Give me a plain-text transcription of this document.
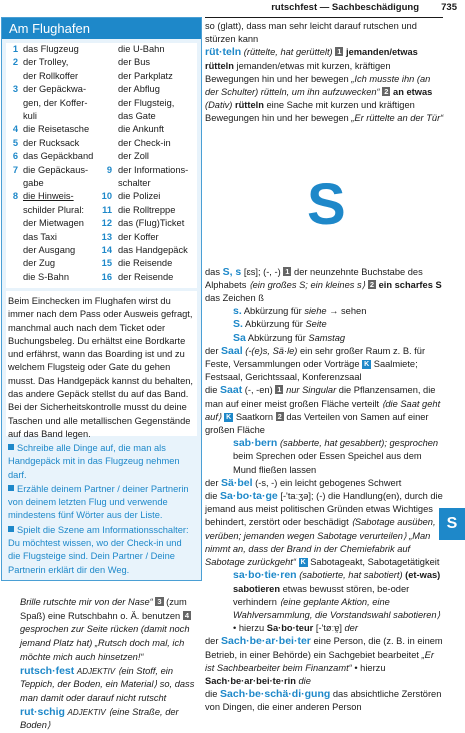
rutschfest — Sachbeschädigung 735
Am Flughafen
1 das Flugzeug
2 der Trolley,
der Rollkoffer
3 der Gepäckwa-
gen, der Koffer-
kuli
4 die Reisetasche
5 der Rucksack
6 das Gepäckband
7 die Gepäckaus-
gabe
8 die Hinweis-
schilder Plural:
der Mietwagen
das Taxi
der Ausgang
der Zug
die S-Bahn
die U-Bahn
der Bus
der Parkplatz
der Abflug
der Flugsteig,
das Gate
die Ankunft
der Check-in
der Zoll
9 der Informations-
schalter
10 die Polizei
11 die Rolltreppe
12 das (Flug)Ticket
13 der Koffer
14 das Handgepäck
15 die Reisende
16 der Reisende
Beim Einchecken im Flughafen wirst du immer nach dem Pass oder Ausweis gefragt, manchmal auch nach dem Ticket oder Buchungsbeleg. Du erhältst eine Bordkarte und erfährst, wann das Boarding ist und zu welchem Flugsteig oder Gate du gehen musst. Das Handgepäck kannst du behalten, das andere Gepäck stellst du auf das Band. Bei der Sicherheitskontrolle musst du deine Taschen und alle metallischen Gegenstände auf das Band legen.
Schreibe alle Dinge auf, die man als Handgepäck mit in das Flugzeug nehmen darf.
Erzähle deinem Partner / deiner Partnerin von deinem letzten Flug und verwende mindestens fünf Wörter aus der Liste.
Spielt die Szene am Informationsschalter: Du möchtest wissen, wo der Check-in und die Flugsteige sind. Dein Partner / Deine Partnerin erklärt dir den Weg.
Brille rutschte mir von der Nase“ 3 (zum Spaß) eine Rutschbahn o. Ä. benutzen 4 gesprochen zur Seite rücken (damit noch jemand Platz hat) „Rutsch doch mal, ich möchte mich auch hinsetzen!“
rutsch·fest ADJEKTIV ⟨ein Stoff, ein Teppich, der Boden, ein Material⟩ so, dass man damit oder darauf nicht rutscht
rut·schig ADJEKTIV ⟨eine Straße, der Boden⟩
so (glatt), dass man sehr leicht darauf rutschen und stürzen kann
rüt·teln (rüttelte, hat gerüttelt) 1 jemanden/etwas rütteln jemanden/etwas mit kurzen, kräftigen Bewegungen hin und her bewegen „Ich musste ihn (an der Schulter) rütteln, um ihn aufzuwecken“ 2 an etwas (Dativ) rütteln eine Sache mit kurzen und kräftigen Bewegungen hin und her bewegen „Er rüttelte an der Tür“
das S, s [ɛs]; (-, -) 1 der neunzehnte Buchstabe des Alphabets ⟨ein großes S; ein kleines s⟩ 2 ein scharfes S das Zeichen ß
s. Abkürzung für siehe → sehen
S. Abkürzung für Seite
Sa Abkürzung für Samstag
der Saal (-(e)s, Sä·le) ein sehr großer Raum z. B. für Feste, Versammlungen oder Vorträge K Saalmiete; Festsaal, Gerichtssaal, Konferenzsaal
die Saat (-, -en) 1 nur Singular die Pflanzensamen, die man auf einer meist großen Fläche verteilt ⟨die Saat geht auf⟩ K Saatkorn 2 das Verteilen von Samen auf einer großen Fläche
sab·bern (sabberte, hat gesabbert); gesprochen beim Sprechen oder Essen Speichel aus dem Mund fließen lassen
der Sä·bel (-s, -) ein leicht gebogenes Schwert
die Sa·bo·ta·ge [-'taːʒə]; (-) die Handlung(en), durch die jemand aus meist politischen Gründen etwas Wichtiges behindert, zerstört oder beschädigt ⟨Sabotage ausüben, verüben; jemanden wegen Sabotage verurteilen⟩ „Man nimmt an, dass der Brand in der Chemiefabrik auf Sabotage zurückgeht“ K Sabotageakt, Sabotagetätigkeit
sa·bo·tie·ren (sabotierte, hat sabotiert) (et-was) sabotieren etwas bewusst stören, be-oder verhindern ⟨eine geplante Aktion, eine Wahlversammlung, die Vorstandswahl sabotieren⟩ • hierzu Sa·bo·teur [-'tøːɐ̯] der
der Sach·be·ar·bei·ter eine Person, die (z. B. in einem Betrieb, in einer Behörde) ein Sachgebiet bearbeitet „Er ist Sachbearbeiter beim Finanzamt“ • hierzu Sach·be·ar·bei·te·rin die
die Sach·be·schä·di·gung das absichtliche Zerstören von Dingen, die einer anderen Person
S
S
